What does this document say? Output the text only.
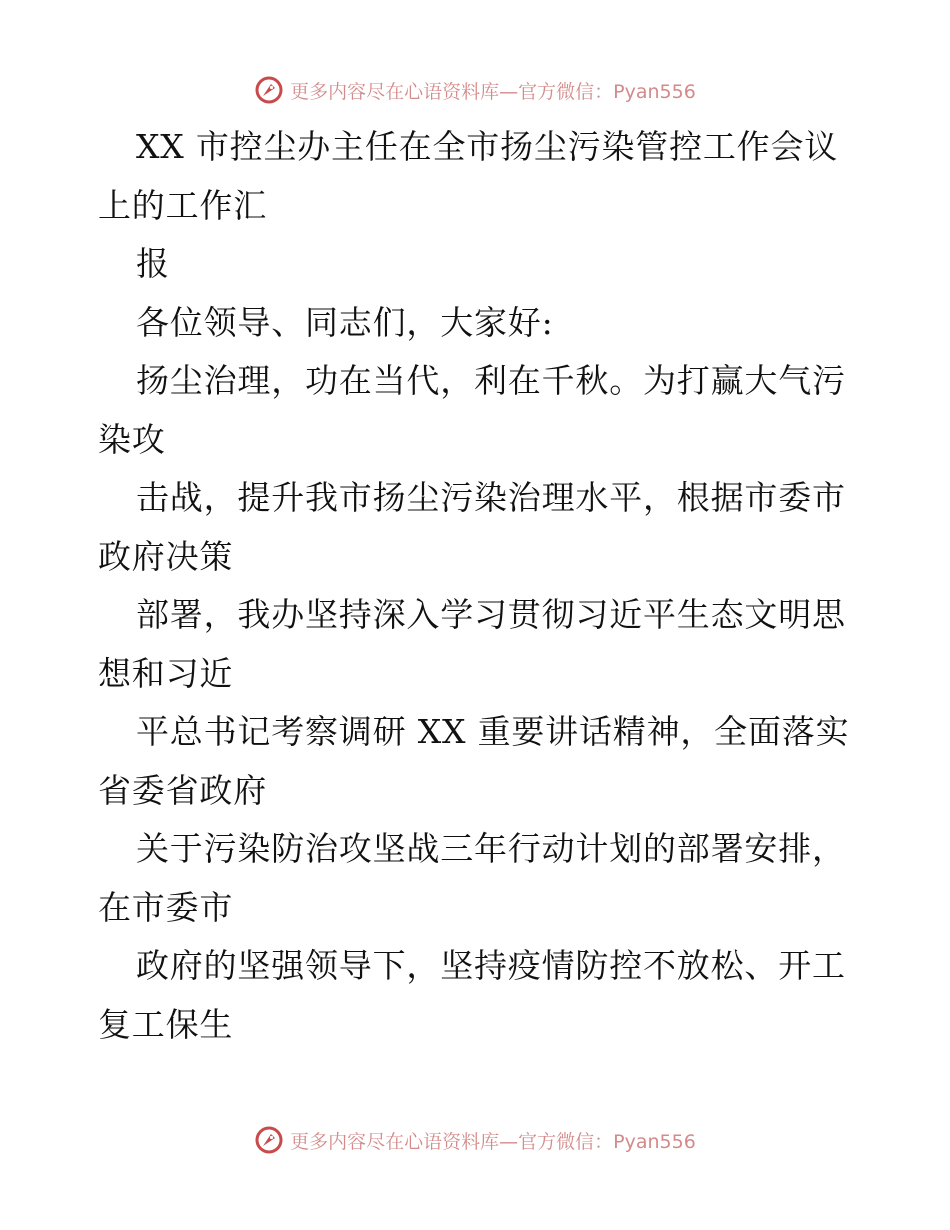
更多内容尽在心语资料库—官方微信：Pyan556
XX 市控尘办主任在全市扬尘污染管控工作会议
上的工作汇
报
各位领导、同志们，大家好:
扬尘治理，功在当代，利在千秋。为打赢大气污
染攻
击战，提升我市扬尘污染治理水平，根据市委市
政府决策
部署，我办坚持深入学习贯彻习近平生态文明思
想和习近
平总书记考察调研 XX 重要讲话精神，全面落实
省委省政府
关于污染防治攻坚战三年行动计划的部署安排，
在市委市
政府的坚强领导下，坚持疫情防控不放松、开工
复工保生
更多内容尽在心语资料库—官方微信：Pyan556
